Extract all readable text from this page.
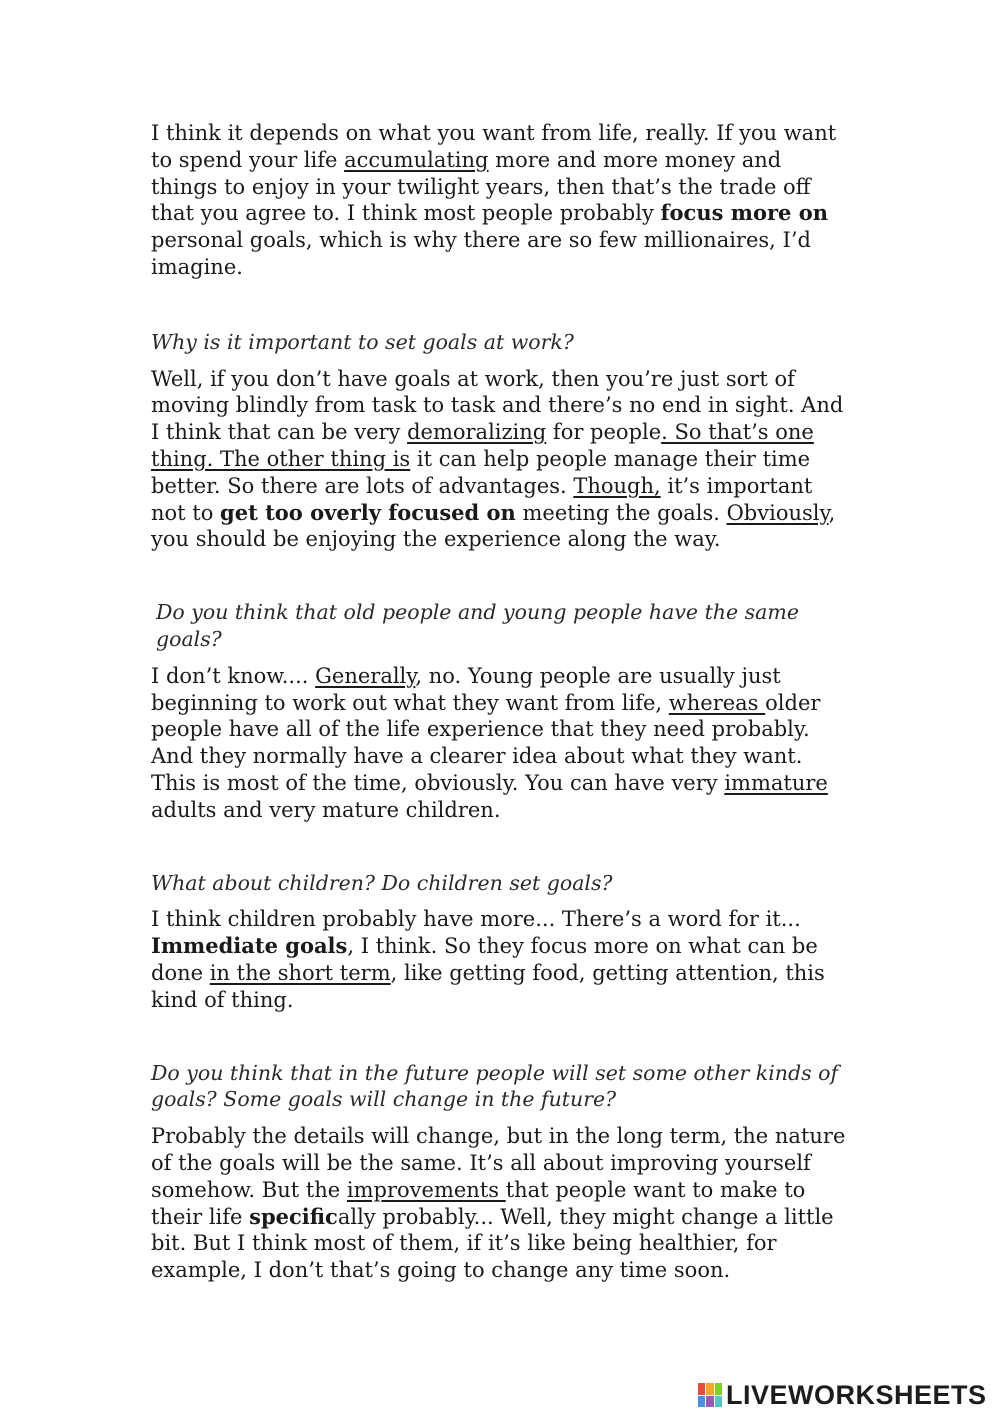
I think it depends on what you want from life, really. If you want to spend your life accumulating more and more money and things to enjoy in your twilight years, then that’s the trade off that you agree to. I think most people probably focus more on personal goals, which is why there are so few millionaires, I’d imagine.

Why is it important to set goals at work?

Well, if you don’t have goals at work, then you’re just sort of moving blindly from task to task and there’s no end in sight. And I think that can be very demoralizing for people. So that’s one thing. The other thing is it can help people manage their time better. So there are lots of advantages. Though, it’s important not to get too overly focused on meeting the goals. Obviously, you should be enjoying the experience along the way.

Do you think that old people and young people have the same goals?

I don’t know.... Generally, no. Young people are usually just beginning to work out what they want from life, whereas older people have all of the life experience that they need probably. And they normally have a clearer idea about what they want. This is most of the time, obviously. You can have very immature adults and very mature children.

What about children? Do children set goals?

I think children probably have more... There’s a word for it... Immediate goals, I think. So they focus more on what can be done in the short term, like getting food, getting attention, this kind of thing.

Do you think that in the future people will set some other kinds of goals? Some goals will change in the future?

Probably the details will change, but in the long term, the nature of the goals will be the same. It’s all about improving yourself somehow. But the improvements that people want to make to their life specifically probably... Well, they might change a little bit. But I think most of them, if it’s like being healthier, for example, I don’t that’s going to change any time soon.

LIVEWORKSHEETS
